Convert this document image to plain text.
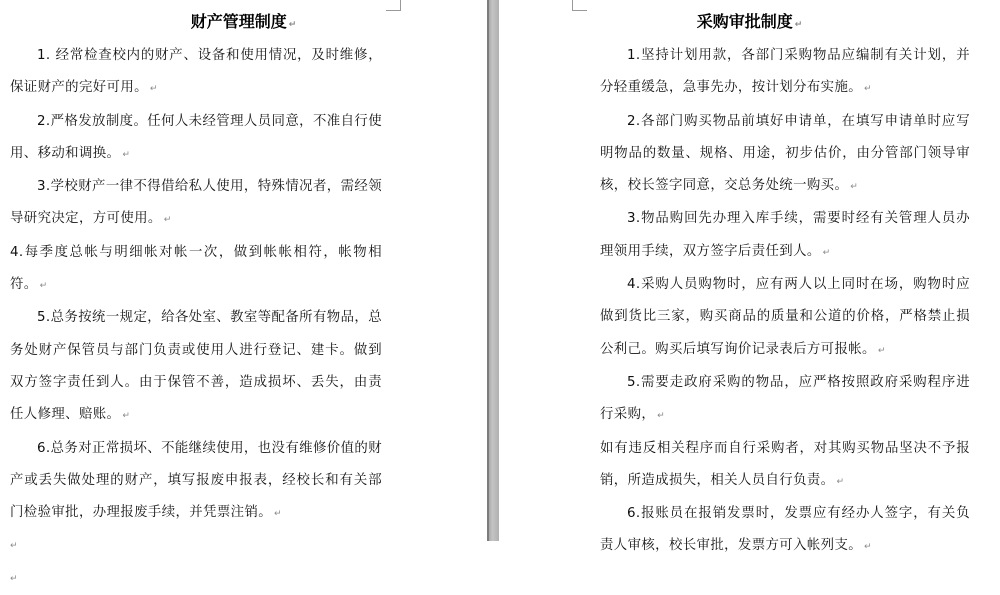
财产管理制度 ↵

1. 经常检查校内的财产、设备和使用情况，及时维修，保证财产的完好可用。 ↵

2.严格发放制度。任何人未经管理人员同意，不准自行使用、移动和调换。 ↵

3.学校财产一律不得借给私人使用，特殊情况者，需经领导研究决定，方可使用。 ↵

4.每季度总帐与明细帐对帐一次，做到帐帐相符，帐物相符。 ↵

5.总务按统一规定，给各处室、教室等配备所有物品，总务处财产保管员与部门负责或使用人进行登记、建卡。做到双方签字责任到人。由于保管不善，造成损坏、丢失，由责任人修理、赔账。 ↵

6.总务对正常损坏、不能继续使用，也没有维修价值的财产或丢失做处理的财产，填写报废申报表，经校长和有关部门检验审批，办理报废手续，并凭票注销。 ↵

↵
↵
采购审批制度 ↵

1.坚持计划用款，各部门采购物品应编制有关计划，并分轻重缓急，急事先办，按计划分布实施。 ↵

2.各部门购买物品前填好申请单，在填写申请单时应写明物品的数量、规格、用途，初步估价，由分管部门领导审核，校长签字同意，交总务处统一购买。 ↵

3.物品购回先办理入库手续，需要时经有关管理人员办理领用手续，双方签字后责任到人。 ↵

4.采购人员购物时，应有两人以上同时在场，购物时应做到货比三家，购买商品的质量和公道的价格，严格禁止损公利己。购买后填写询价记录表后方可报帐。 ↵

5.需要走政府采购的物品，应严格按照政府采购程序进行采购， ↵

如有违反相关程序而自行采购者，对其购买物品坚决不予报销，所造成损失，相关人员自行负责。 ↵

6.报账员在报销发票时，发票应有经办人签字，有关负责人审核，校长审批，发票方可入帐列支。 ↵
